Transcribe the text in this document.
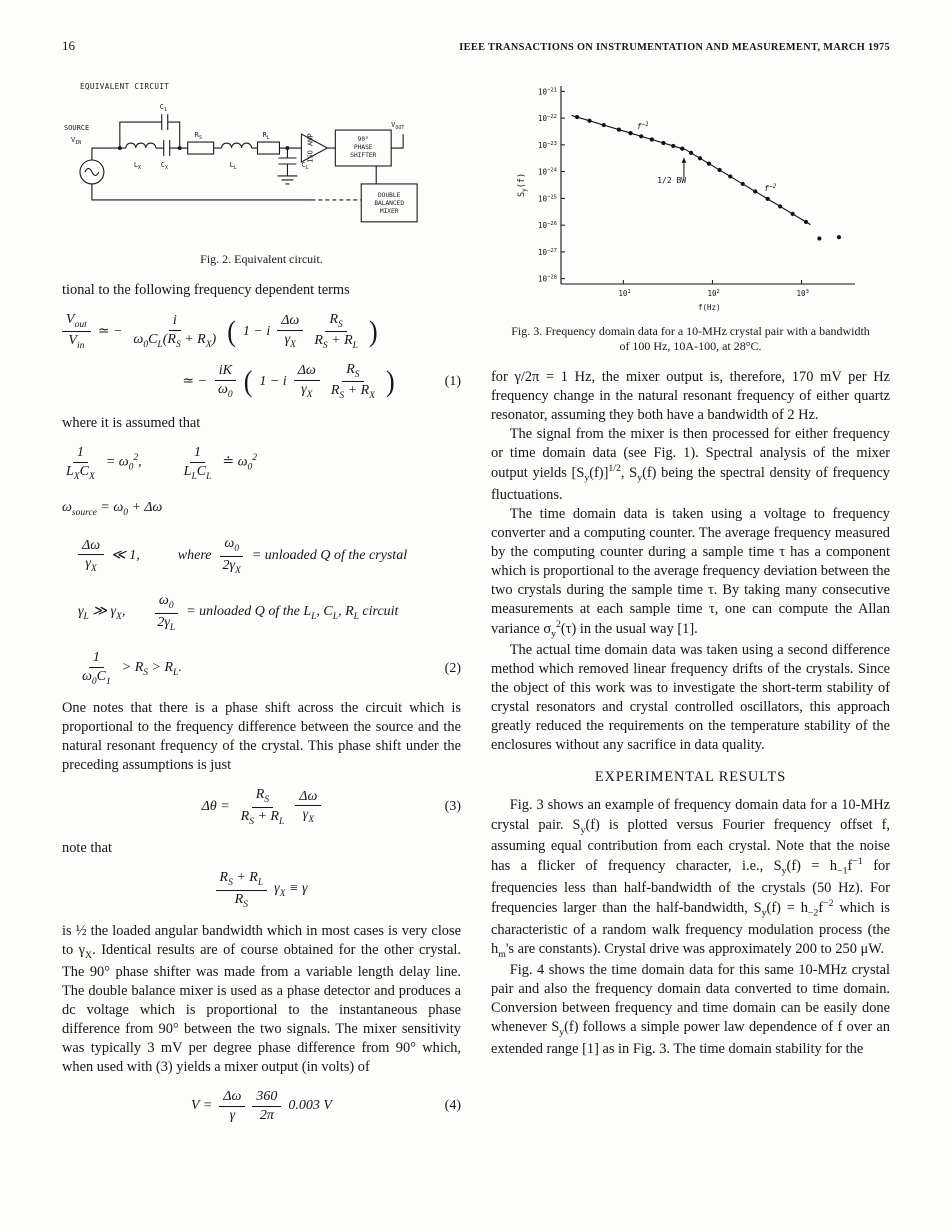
16	IEEE TRANSACTIONS ON INSTRUMENTATION AND MEASUREMENT, MARCH 1975
EQUIVALENT CIRCUIT
SOURCE
$V_{IN}$
$C_1$
$R_S$	$R_L$
$L_X$	$C_X$	$L_L$	$C_L$
ISO AMP	90°
PHASE
SHIFTER
$V_{OUT}$
DOUBLE
BALANCED
MIXER
Fig. 2. Equivalent circuit.

tional to the following frequency dependent terms

$\frac{V_{out}}{V_{in}}$ ≃ − $\frac{i}{\omega_0C_L(R_S + R_X)}$ ( 1 − i $\frac{\Delta\omega}{\gamma_X} \frac{R_S}{R_S + R_L}$ )
≃ − $\frac{iK}{\omega_0}$ ( 1 − i $\frac{\Delta\omega}{\gamma_X} \frac{R_S}{R_S + R_X}$ )	(1)

where it is assumed that

$\frac{1}{L_XC_X} = \omega_0^2$,	$\frac{1}{L_LC_L}$ ≐ $\omega_0^2$
$\omega_{source} = \omega_0 + \Delta\omega$
$\frac{\Delta\omega}{\gamma_X}$ ≪ 1,	where $\frac{\omega_0}{2\gamma_X}$ = unloaded Q of the crystal
$\gamma_L$ ≫ $\gamma_X$, $\frac{\omega_0}{2\gamma_L}$ = unloaded Q of the $L_L$, $C_L$, $R_L$ circuit
$\frac{1}{\omega_0C_1} > R_S > R_L$.	(2)

One notes that there is a phase shift across the circuit which is proportional to the frequency difference between the source and the natural resonant frequency of the crystal. This phase shift under the preceding assumptions is just

$\Delta\theta = \frac{R_S}{R_S + R_L} \frac{\Delta\omega}{\gamma_X}$	(3)

note that

$\frac{R_S + R_L}{R_S} \gamma_X \equiv \gamma$

is ½ the loaded angular bandwidth which in most cases is very close to $\gamma_X$. Identical results are of course obtained for the other crystal. The 90° phase shifter was made from a variable length delay line. The double balance mixer is used as a phase detector and produces a dc voltage which is proportional to the instantaneous phase difference from 90° between the two signals. The mixer sensitivity was typically 3 mV per degree phase difference from 90° which, when used with (3) yields a mixer output (in volts) of

$V = \frac{\Delta\omega}{\gamma} \frac{360}{2\pi} 0.003$ V	(4)
$10^{-21}$
$10^{-22}$
$10^{-23}$
$10^{-24}$
$10^{-25}$
$10^{-26}$
$10^{-27}$
$10^{-28}$
$10^1$	$10^2$	$10^3$
$S_y(f)$
f(Hz)
$f^{-1}$
1/2 BW
$f^{-2}$
Fig. 3. Frequency domain data for a 10-MHz crystal pair with a bandwidth of 100 Hz, 10A-100, at 28°C.

for γ/2π = 1 Hz, the mixer output is, therefore, 170 mV per Hz frequency change in the natural resonant frequency of either quartz resonator, assuming they both have a bandwidth of 2 Hz.

The signal from the mixer is then processed for either frequency or time domain data (see Fig. 1). Spectral analysis of the mixer output yields $[S_y(f)]^{1/2}$, $S_y(f)$ being the spectral density of frequency fluctuations.

The time domain data is taken using a voltage to frequency converter and a computing counter. The average frequency measured by the computing counter during a sample time τ has a component which is proportional to the average frequency deviation between the two crystals during the sample time τ. By taking many consecutive measurements at each sample time τ, one can compute the Allan variance $\sigma_y^2(\tau)$ in the usual way [1].

The actual time domain data was taken using a second difference method which removed linear frequency drifts of the crystals. Since the object of this work was to investigate the short-term stability of crystal resonators and crystal controlled oscillators, this approach greatly reduced the requirements on the temperature stability of the enclosures without any sacrifice in data quality.

EXPERIMENTAL RESULTS

Fig. 3 shows an example of frequency domain data for a 10-MHz crystal pair. $S_y(f)$ is plotted versus Fourier frequency offset f, assuming equal contribution from each crystal. Note that the noise has a flicker of frequency character, i.e., $S_y(f) = h_{-1}f^{-1}$ for frequencies less than half-bandwidth of the crystals (50 Hz). For frequencies larger than the half-bandwidth, $S_y(f) = h_{-2}f^{-2}$ which is characteristic of a random walk frequency modulation process (the $h_m's$ are constants). Crystal drive was approximately 200 to 250 μW.

Fig. 4 shows the time domain data for this same 10-MHz crystal pair and also the frequency domain data converted to time domain. Conversion between frequency and time domain can be easily done whenever $S_y(f)$ follows a simple power law dependence of f over an extended range [1] as in Fig. 3. The time domain stability for the
